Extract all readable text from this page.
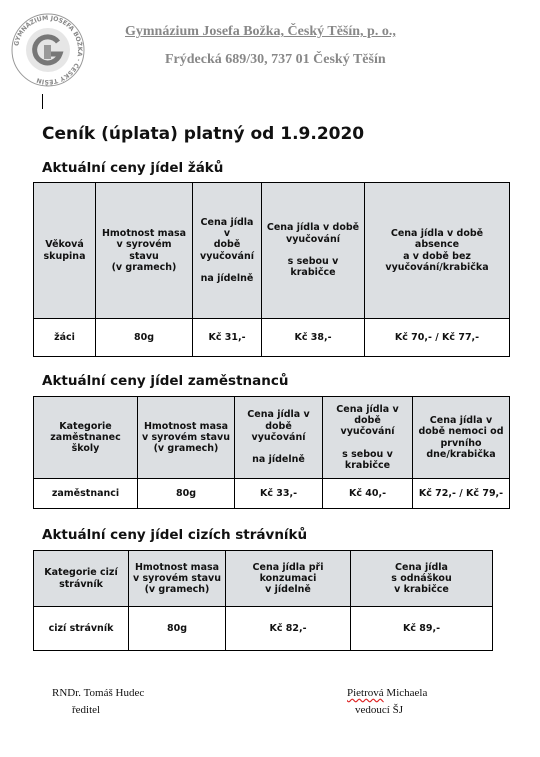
GYMNÁZIUM JOSEFA BOŽKA · ČESKÝ TĚŠÍN
Gymnázium Josefa Božka, Český Těšín, p. o.,
Frýdecká 689/30, 737 01 Český Těšín
Ceník (úplata) platný od 1.9.2020
Aktuální ceny jídel žáků
Věková
skupina	Hmotnost masa
v syrovém
stavu
(v gramech)	Cena jídla v
době
vyučování

na jídelně	Cena jídla v době
vyučování

s sebou v
krabičce	Cena jídla v době absence
a v době bez
vyučování/krabička
žáci	80g	Kč 31,-	Kč 38,-	Kč 70,- / Kč 77,-
Aktuální ceny jídel zaměstnanců
Kategorie
zaměstnanec
školy	Hmotnost masa
v syrovém stavu
(v gramech)	Cena jídla v
době
vyučování

na jídelně	Cena jídla v době
vyučování

s sebou v
krabičce	Cena jídla v
době nemoci od
prvního
dne/krabička
zaměstnanci	80g	Kč 33,-	Kč 40,-	Kč 72,- / Kč 79,-
Aktuální ceny jídel cizích strávníků
Kategorie cizí
strávník	Hmotnost masa
v syrovém stavu
(v gramech)	Cena jídla při
konzumaci
v jídelně	Cena jídla
s odnáškou
v krabičce
cizí strávník	80g	Kč 82,-	Kč 89,-
RNDr. Tomáš Hudec
ředitel
Pietrová Michaela
vedoucí ŠJ
